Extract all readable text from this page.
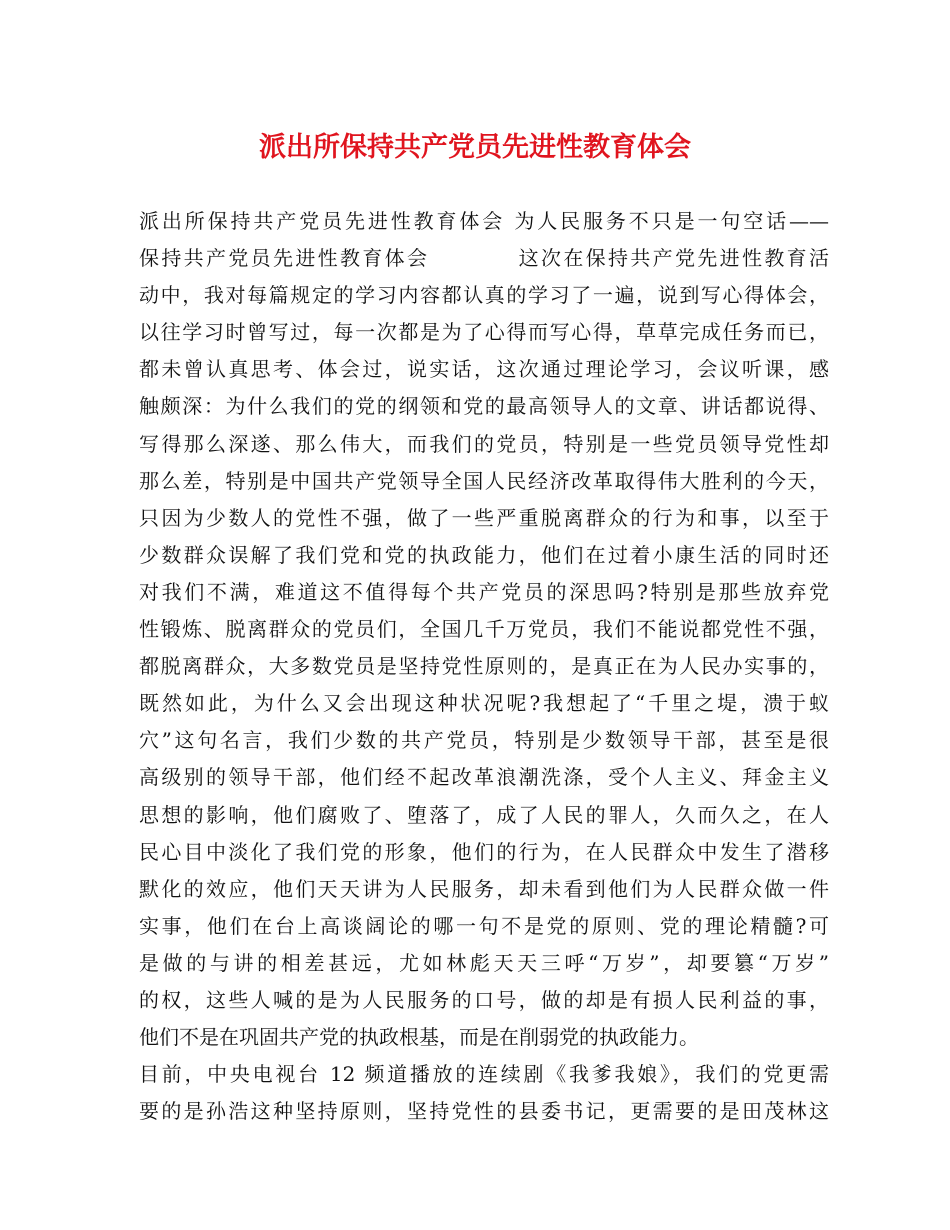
派出所保持共产党员先进性教育体会
派出所保持共产党员先进性教育体会 为人民服务不只是一句空话——
保持共产党员先进性教育体会　　　　这次在保持共产党先进性教育活
动中，我对每篇规定的学习内容都认真的学习了一遍，说到写心得体会，
以往学习时曾写过，每一次都是为了心得而写心得，草草完成任务而已，
都未曾认真思考、体会过，说实话，这次通过理论学习，会议听课，感
触颇深：为什么我们的党的纲领和党的最高领导人的文章、讲话都说得、
写得那么深遂、那么伟大，而我们的党员，特别是一些党员领导党性却
那么差，特别是中国共产党领导全国人民经济改革取得伟大胜利的今天，
只因为少数人的党性不强，做了一些严重脱离群众的行为和事，以至于
少数群众误解了我们党和党的执政能力，他们在过着小康生活的同时还
对我们不满，难道这不值得每个共产党员的深思吗?特别是那些放弃党
性锻炼、脱离群众的党员们，全国几千万党员，我们不能说都党性不强，
都脱离群众，大多数党员是坚持党性原则的，是真正在为人民办实事的，
既然如此，为什么又会出现这种状况呢?我想起了“千里之堤，溃于蚁
穴”这句名言，我们少数的共产党员，特别是少数领导干部，甚至是很
高级别的领导干部，他们经不起改革浪潮洗涤，受个人主义、拜金主义
思想的影响，他们腐败了、堕落了，成了人民的罪人，久而久之，在人
民心目中淡化了我们党的形象，他们的行为，在人民群众中发生了潜移
默化的效应，他们天天讲为人民服务，却未看到他们为人民群众做一件
实事，他们在台上高谈阔论的哪一句不是党的原则、党的理论精髓?可
是做的与讲的相差甚远，尤如林彪天天三呼“万岁”，却要篡“万岁”
的权，这些人喊的是为人民服务的口号，做的却是有损人民利益的事，
他们不是在巩固共产党的执政根基，而是在削弱党的执政能力。
目前，中央电视台 12 频道播放的连续剧《我爹我娘》，我们的党更需
要的是孙浩这种坚持原则，坚持党性的县委书记，更需要的是田茂林这
